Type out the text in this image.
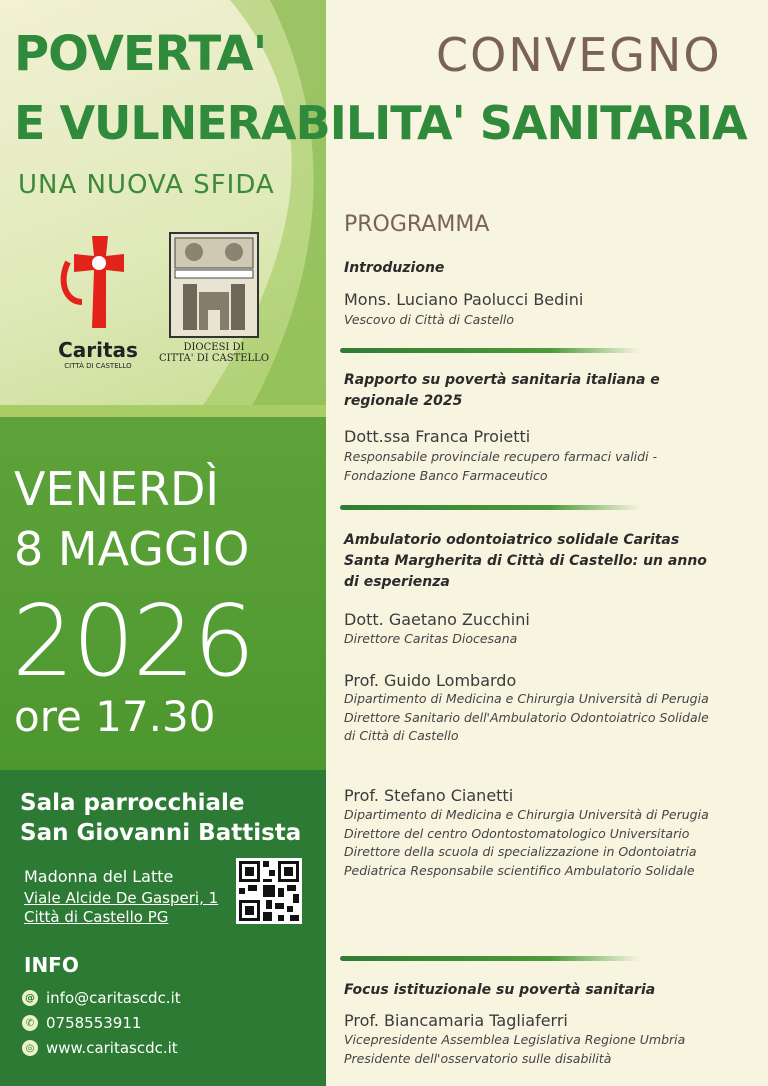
POVERTA'
E VULNERABILITA' SANITARIA
UNA NUOVA SFIDA
CONVEGNO
Caritas
CITTÀ DI CASTELLO
DIOCESI DI
CITTA' DI CASTELLO
VENERDÌ
8 MAGGIO
2026
ore 17.30
Sala parrocchiale
San Giovanni Battista
Madonna del Latte
Viale Alcide De Gasperi, 1
Città di Castello PG
INFO
@ info@caritascdc.it
✆ 0758553911
◎ www.caritascdc.it
PROGRAMMA
Introduzione
Mons. Luciano Paolucci Bedini
Vescovo di Città di Castello
Rapporto su povertà sanitaria italiana e regionale 2025
Dott.ssa Franca Proietti
Responsabile provinciale recupero farmaci validi - Fondazione Banco Farmaceutico
Ambulatorio odontoiatrico solidale Caritas Santa Margherita di Città di Castello: un anno di esperienza
Dott. Gaetano Zucchini
Direttore Caritas Diocesana
Prof. Guido Lombardo
Dipartimento di Medicina e Chirurgia Università di Perugia Direttore Sanitario dell'Ambulatorio Odontoiatrico Solidale di Città di Castello
Prof. Stefano Cianetti
Dipartimento di Medicina e Chirurgia Università di Perugia Direttore del centro Odontostomatologico Universitario Direttore della scuola di specializzazione in Odontoiatria Pediatrica Responsabile scientifico Ambulatorio Solidale
Focus istituzionale su povertà sanitaria
Prof. Biancamaria Tagliaferri
Vicepresidente Assemblea Legislativa Regione Umbria Presidente dell'osservatorio sulle disabilità
